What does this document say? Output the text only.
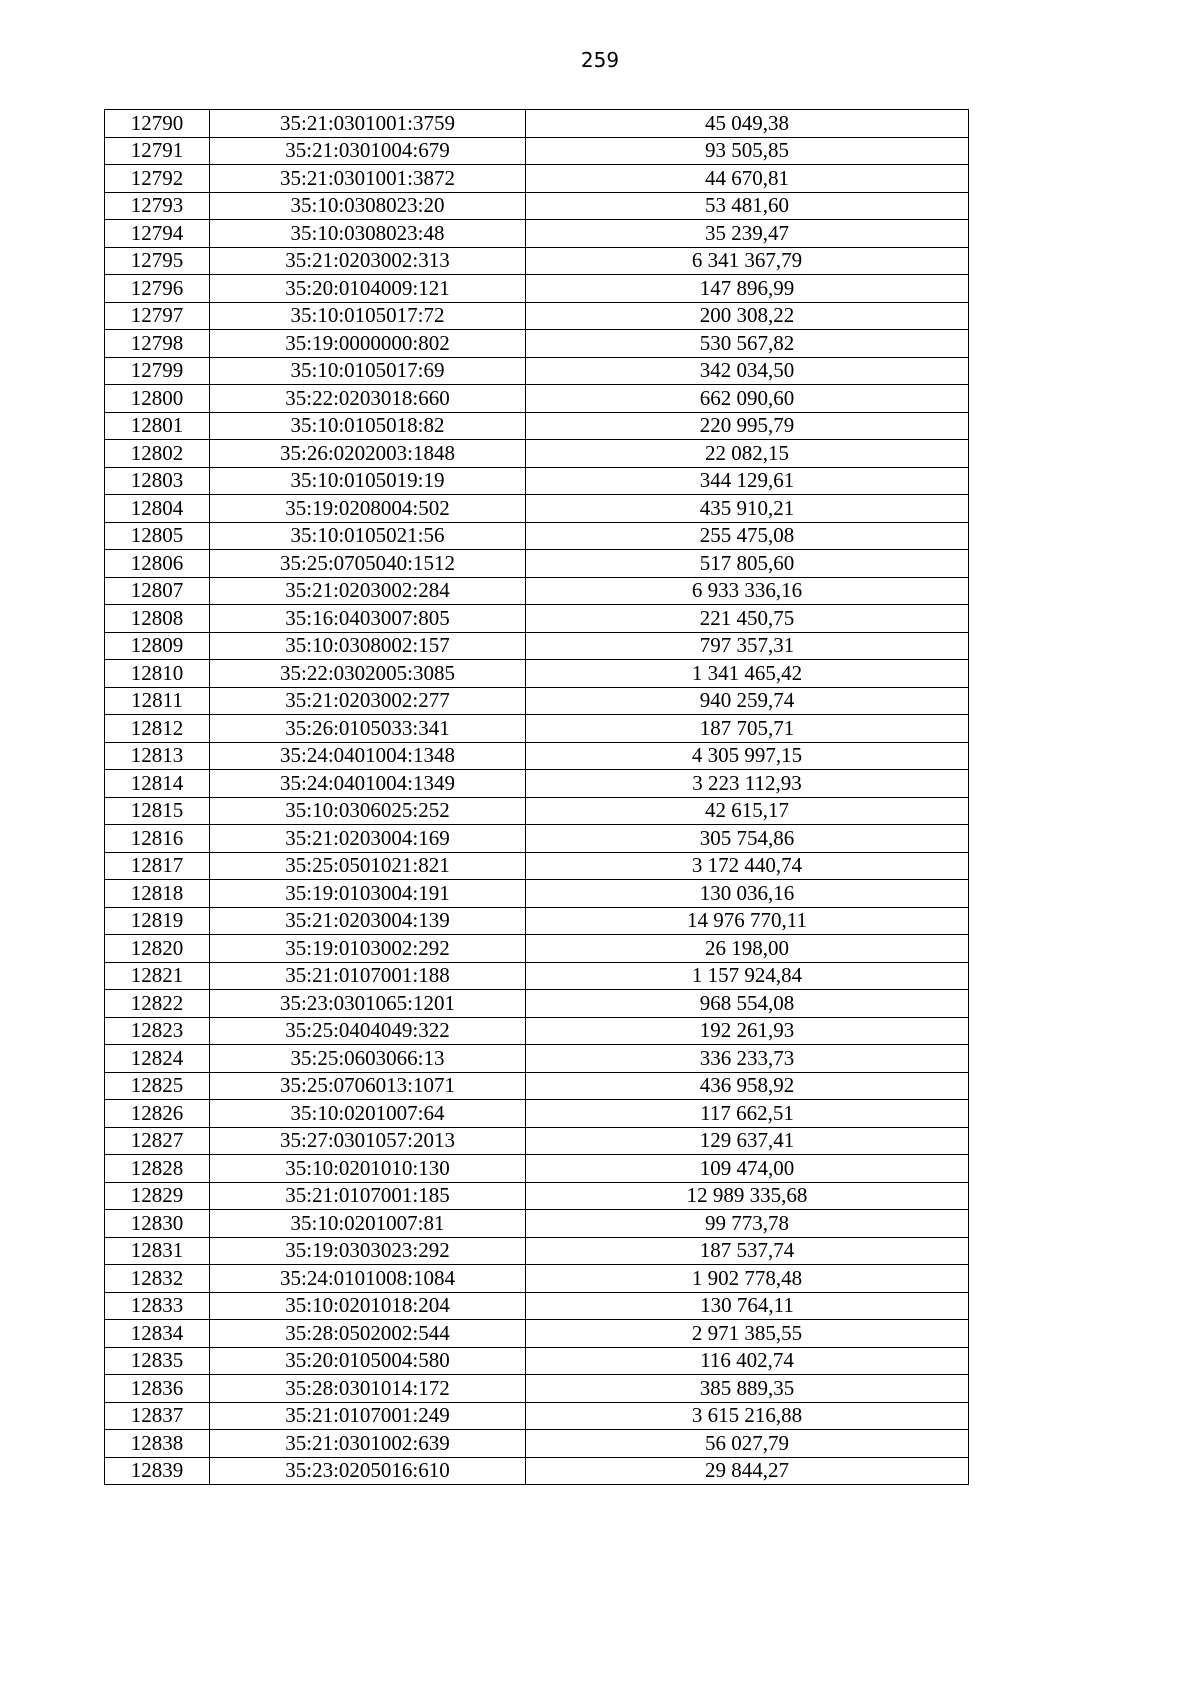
259
12790	35:21:0301001:3759	45 049,38
12791	35:21:0301004:679	93 505,85
12792	35:21:0301001:3872	44 670,81
12793	35:10:0308023:20	53 481,60
12794	35:10:0308023:48	35 239,47
12795	35:21:0203002:313	6 341 367,79
12796	35:20:0104009:121	147 896,99
12797	35:10:0105017:72	200 308,22
12798	35:19:0000000:802	530 567,82
12799	35:10:0105017:69	342 034,50
12800	35:22:0203018:660	662 090,60
12801	35:10:0105018:82	220 995,79
12802	35:26:0202003:1848	22 082,15
12803	35:10:0105019:19	344 129,61
12804	35:19:0208004:502	435 910,21
12805	35:10:0105021:56	255 475,08
12806	35:25:0705040:1512	517 805,60
12807	35:21:0203002:284	6 933 336,16
12808	35:16:0403007:805	221 450,75
12809	35:10:0308002:157	797 357,31
12810	35:22:0302005:3085	1 341 465,42
12811	35:21:0203002:277	940 259,74
12812	35:26:0105033:341	187 705,71
12813	35:24:0401004:1348	4 305 997,15
12814	35:24:0401004:1349	3 223 112,93
12815	35:10:0306025:252	42 615,17
12816	35:21:0203004:169	305 754,86
12817	35:25:0501021:821	3 172 440,74
12818	35:19:0103004:191	130 036,16
12819	35:21:0203004:139	14 976 770,11
12820	35:19:0103002:292	26 198,00
12821	35:21:0107001:188	1 157 924,84
12822	35:23:0301065:1201	968 554,08
12823	35:25:0404049:322	192 261,93
12824	35:25:0603066:13	336 233,73
12825	35:25:0706013:1071	436 958,92
12826	35:10:0201007:64	117 662,51
12827	35:27:0301057:2013	129 637,41
12828	35:10:0201010:130	109 474,00
12829	35:21:0107001:185	12 989 335,68
12830	35:10:0201007:81	99 773,78
12831	35:19:0303023:292	187 537,74
12832	35:24:0101008:1084	1 902 778,48
12833	35:10:0201018:204	130 764,11
12834	35:28:0502002:544	2 971 385,55
12835	35:20:0105004:580	116 402,74
12836	35:28:0301014:172	385 889,35
12837	35:21:0107001:249	3 615 216,88
12838	35:21:0301002:639	56 027,79
12839	35:23:0205016:610	29 844,27
